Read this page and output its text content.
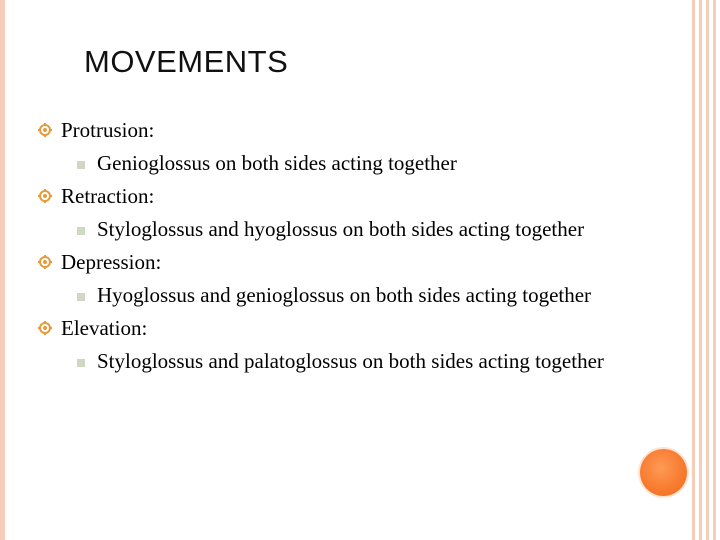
MOVEMENTS
Protrusion:
Genioglossus on both sides acting together
Retraction:
Styloglossus and hyoglossus on both sides acting together
Depression:
Hyoglossus and genioglossus on both sides acting together
Elevation:
Styloglossus and palatoglossus on both sides acting together
